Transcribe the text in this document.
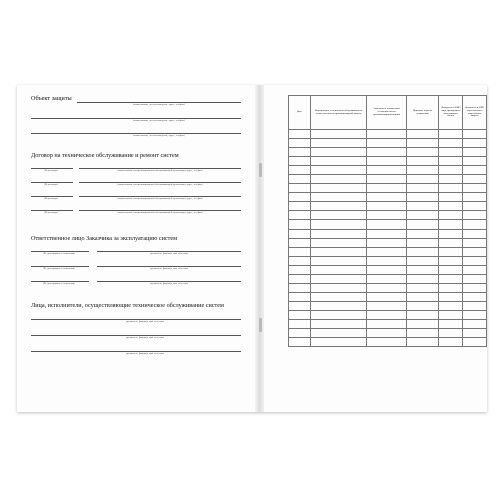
Объект защиты
(наименование, местонахождение, адрес, телефон)
(наименование, местонахождение, адрес, телефон)
(наименование, местонахождение, адрес, телефон)
Договор на техническое обслуживание и ремонт систем
(№ договора)	(наименование специализированной обслуживающей организации, адрес, телефон)
(№ договора)	(наименование специализированной обслуживающей организации, адрес, телефон)
(№ договора)	(наименование специализированной обслуживающей организации, адрес, телефон)
(№ договора)	(наименование специализированной обслуживающей организации, адрес, телефон)
Ответственное лицо Заказчика за эксплуатацию систем
(№, дата приказа о назначении)	(должность, фамилия, имя, отчество)
(№, дата приказа о назначении)	(должность, фамилия, имя, отчество)
(№, дата приказа о назначении)	(должность, фамилия, имя, отчество)
Лица, исполнители, осуществляющие техническое обслуживание систем
(должность, фамилия, имя, отчество)
(должность, фамилия, имя, отчество)
(должность, фамилия, имя, отчество)
Дата	Вид проверки, технического обслуживания по элементам систем противопожарной защиты	Замечания о техническом состоянии систем противопожарной защиты	Принятые меры по устранению	Должность и ФИО лица, проводящего обслуживание систем	Должность и ФИО ответственного лица объекта защиты
